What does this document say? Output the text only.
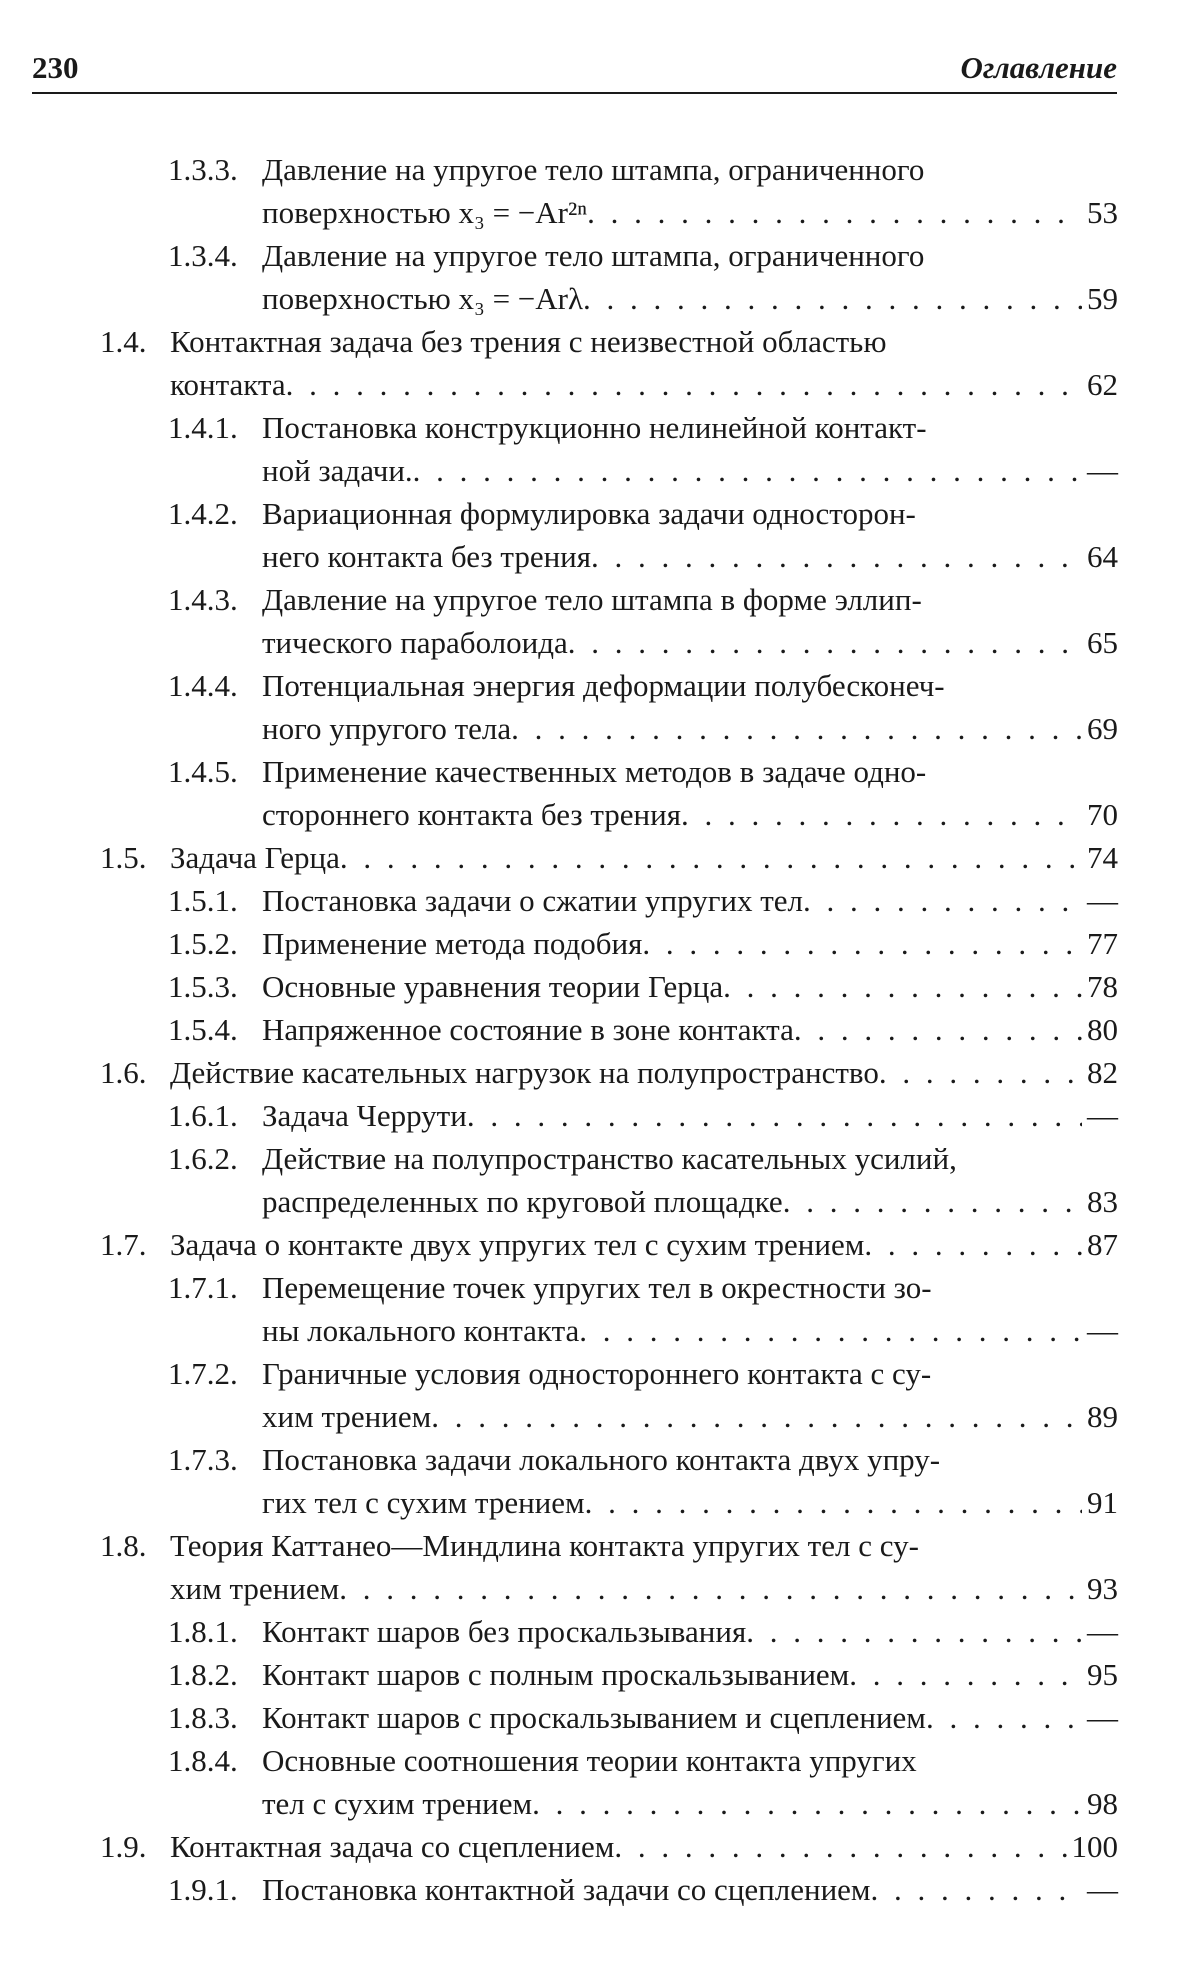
230	Оглавление
1.3.3. Давление на упругое тело штампа, ограниченного
поверхностью x₃ = −Ar²ⁿ . . .	53
1.3.4. Давление на упругое тело штампа, ограниченного
поверхностью x₃ = −Arλ . . .	59
1.4. Контактная задача без трения с неизвестной областью
контакта . . .	62
1.4.1. Постановка конструкционно нелинейной контакт-
ной задачи. . . .	—
1.4.2. Вариационная формулировка задачи односторон-
него контакта без трения . . .	64
1.4.3. Давление на упругое тело штампа в форме эллип-
тического параболоида . . .	65
1.4.4. Потенциальная энергия деформации полубесконеч-
ного упругого тела . . .	69
1.4.5. Применение качественных методов в задаче одно-
стороннего контакта без трения . . .	70
1.5. Задача Герца . . .	74
1.5.1. Постановка задачи о сжатии упругих тел . . .	—
1.5.2. Применение метода подобия . . .	77
1.5.3. Основные уравнения теории Герца . . .	78
1.5.4. Напряженное состояние в зоне контакта . . .	80
1.6. Действие касательных нагрузок на полупространство . . .	82
1.6.1. Задача Черрути . . .	—
1.6.2. Действие на полупространство касательных усилий,
распределенных по круговой площадке . . .	83
1.7. Задача о контакте двух упругих тел с сухим трением . . .	87
1.7.1. Перемещение точек упругих тел в окрестности зо-
ны локального контакта . . .	—
1.7.2. Граничные условия одностороннего контакта с су-
хим трением . . .	89
1.7.3. Постановка задачи локального контакта двух упру-
гих тел с сухим трением . . .	91
1.8. Теория Каттанео—Миндлина контакта упругих тел с су-
хим трением . . .	93
1.8.1. Контакт шаров без проскальзывания . . .	—
1.8.2. Контакт шаров с полным проскальзыванием . . .	95
1.8.3. Контакт шаров с проскальзыванием и сцеплением . . .	—
1.8.4. Основные соотношения теории контакта упругих
тел с сухим трением . . .	98
1.9. Контактная задача со сцеплением . . .	100
1.9.1. Постановка контактной задачи со сцеплением . . .	—
